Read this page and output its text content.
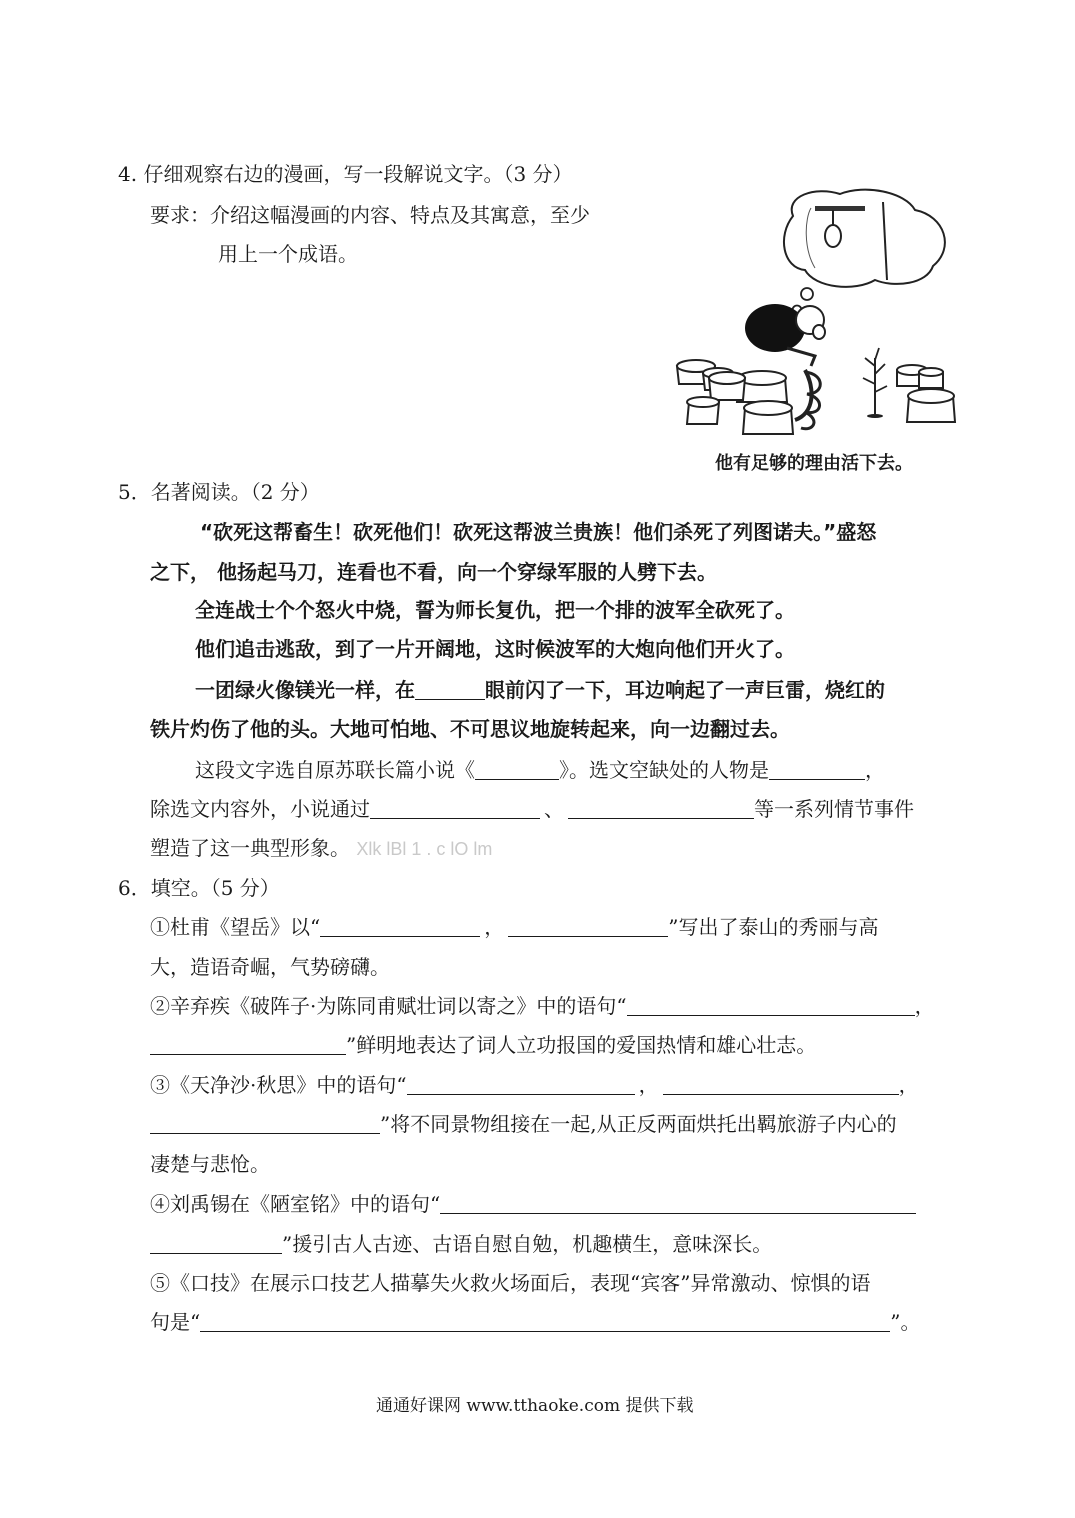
4. 仔细观察右边的漫画，写一段解说文字。（3 分）
要求：介绍这幅漫画的内容、特点及其寓意，至少
用上一个成语。
他有足够的理由活下去。
5．名著阅读。（2 分）
“砍死这帮畜生！砍死他们！砍死这帮波兰贵族！他们杀死了列图诺夫。”盛怒
之下， 他扬起马刀，连看也不看，向一个穿绿军服的人劈下去。
全连战士个个怒火中烧，誓为师长复仇，把一个排的波军全砍死了。
他们追击逃敌，到了一片开阔地，这时候波军的大炮向他们开火了。
一团绿火像镁光一样，在	眼前闪了一下，耳边响起了一声巨雷，烧红的
铁片灼伤了他的头。大地可怕地、不可思议地旋转起来，向一边翻过去。
这段文字选自原苏联长篇小说《	》。选文空缺处的人物是	，
除选文内容外，小说通过	、	等一系列情节事件
塑造了这一典型形象。 Xlk lBl 1 . c lO lm
6．填空。（5 分）
①杜甫《望岳》以“	，	”写出了泰山的秀丽与高
大，造语奇崛，气势磅礴。
②辛弃疾《破阵子·为陈同甫赋壮词以寄之》中的语句“	，
”鲜明地表达了词人立功报国的爱国热情和雄心壮志。
③《天净沙·秋思》中的语句“	，	，
”将不同景物组接在一起,从正反两面烘托出羁旅游子内心的
凄楚与悲怆。
④刘禹锡在《陋室铭》中的语句“
”援引古人古迹、古语自慰自勉，机趣横生，意味深长。
⑤《口技》在展示口技艺人描摹失火救火场面后，表现“宾客”异常激动、惊惧的语
句是“	”。
通通好课网 www.tthaoke.com 提供下载
